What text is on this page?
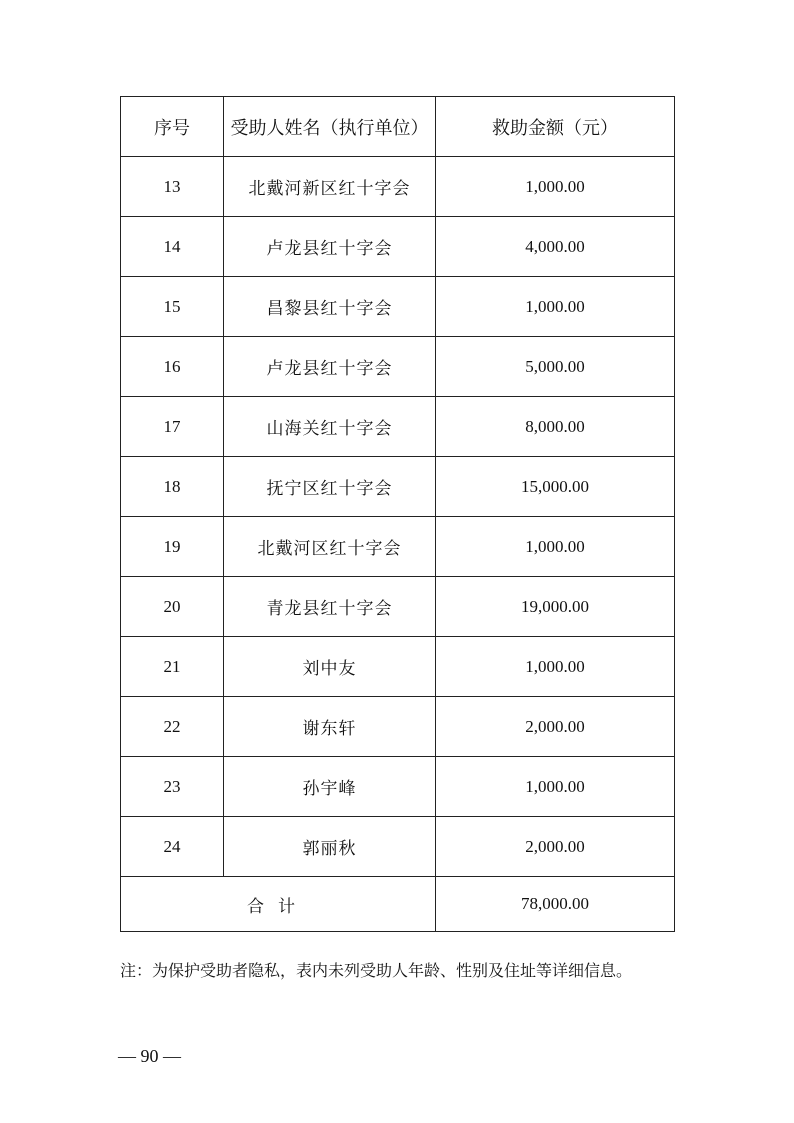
序号	受助人姓名（执行单位）	救助金额（元）
13	北戴河新区红十字会	1,000.00
14	卢龙县红十字会	4,000.00
15	昌黎县红十字会	1,000.00
16	卢龙县红十字会	5,000.00
17	山海关红十字会	8,000.00
18	抚宁区红十字会	15,000.00
19	北戴河区红十字会	1,000.00
20	青龙县红十字会	19,000.00
21	刘中友	1,000.00
22	谢东轩	2,000.00
23	孙宇峰	1,000.00
24	郭丽秋	2,000.00
合计		78,000.00
注：为保护受助者隐私，表内未列受助人年龄、性别及住址等详细信息。
— 90 —
